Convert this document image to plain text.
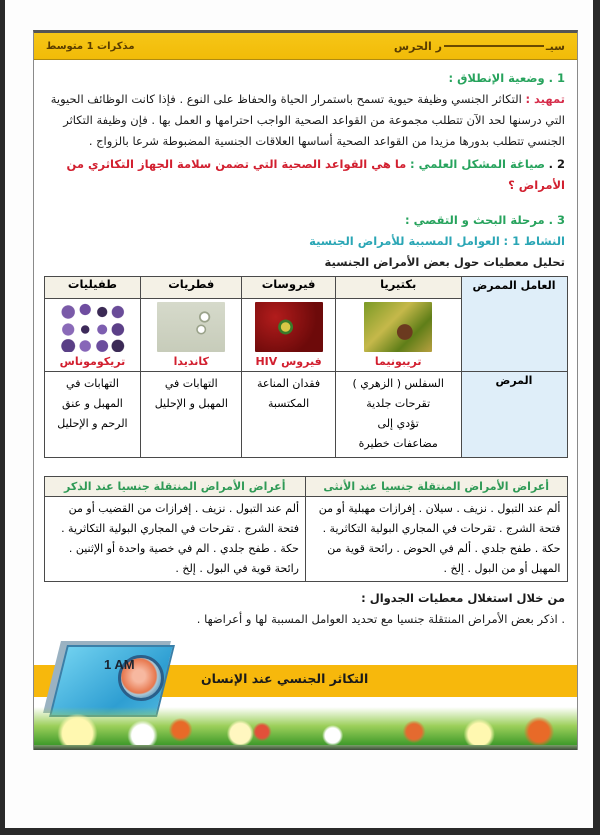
سيـ
ر الحرس
مذكرات 1 متوسط

1 . وضعية الإنطلاق :

تمهيد : التكاثر الجنسي وظيفة حيوية تسمح باستمرار الحياة والحفاظ على النوع . فإذا كانت الوظائف الحيوية التي درسنها لحد الآن تتطلب مجموعة من القواعد الصحية الواجب احترامها و العمل بها . فإن وظيفة التكاثر الجنسي تتطلب بدورها مزيدا من القواعد الصحية أساسها العلاقات الجنسية المضبوطة شرعا بالزواج .

2 . صياغة المشكل العلمي : ما هي القواعد الصحية التي تضمن سلامة الجهاز التكاثري من الأمراض ؟

3 . مرحلة البحث و التقصي :

النشاط 1 : العوامل المسببة للأمراض الجنسية

تحليل معطيات حول بعض الأمراض الجنسية

العامل الممرض	بكتيريا	فيروسات	فطريات	طفيليات

	تريبونيما	فيروس HIV	كانديدا	تريكوموناس

المرض	
السفلس ( الزهري )
تقرحات جلدية
تؤدي إلى
مضاعفات خطيرة

فقدان المناعة
المكتسبة

التهابات في
المهبل و الإحليل

التهابات في
المهبل و عنق
الرحم و الإحليل
أعراض الأمراض المنتقلة جنسيا عند الأنثى	أعراض الأمراض المنتقلة جنسيا عند الذكر
ألم عند التبول . نزيف . سيلان . إفرازات مهبلية أو من فتحة الشرج . تقرحات في المجاري البولية التكاثرية . حكة . طفح جلدي . ألم في الحوض . رائحة قوية من المهبل أو من البول . إلخ .	ألم عند التبول . نزيف . إفرازات من القضيب أو من فتحة الشرج . تقرحات في المجاري البولية التكاثرية . حكة . طفح جلدي . الم في خصية واحدة أو الإثنين . رائحة قوية في البول . إلخ .

من خلال استغلال معطيات الجدوال :

. اذكر بعض الأمراض المنتقلة جنسيا مع تحديد العوامل المسببة لها و أعراضها .

التكاثر الجنسي عند الإنسان
1 AM
